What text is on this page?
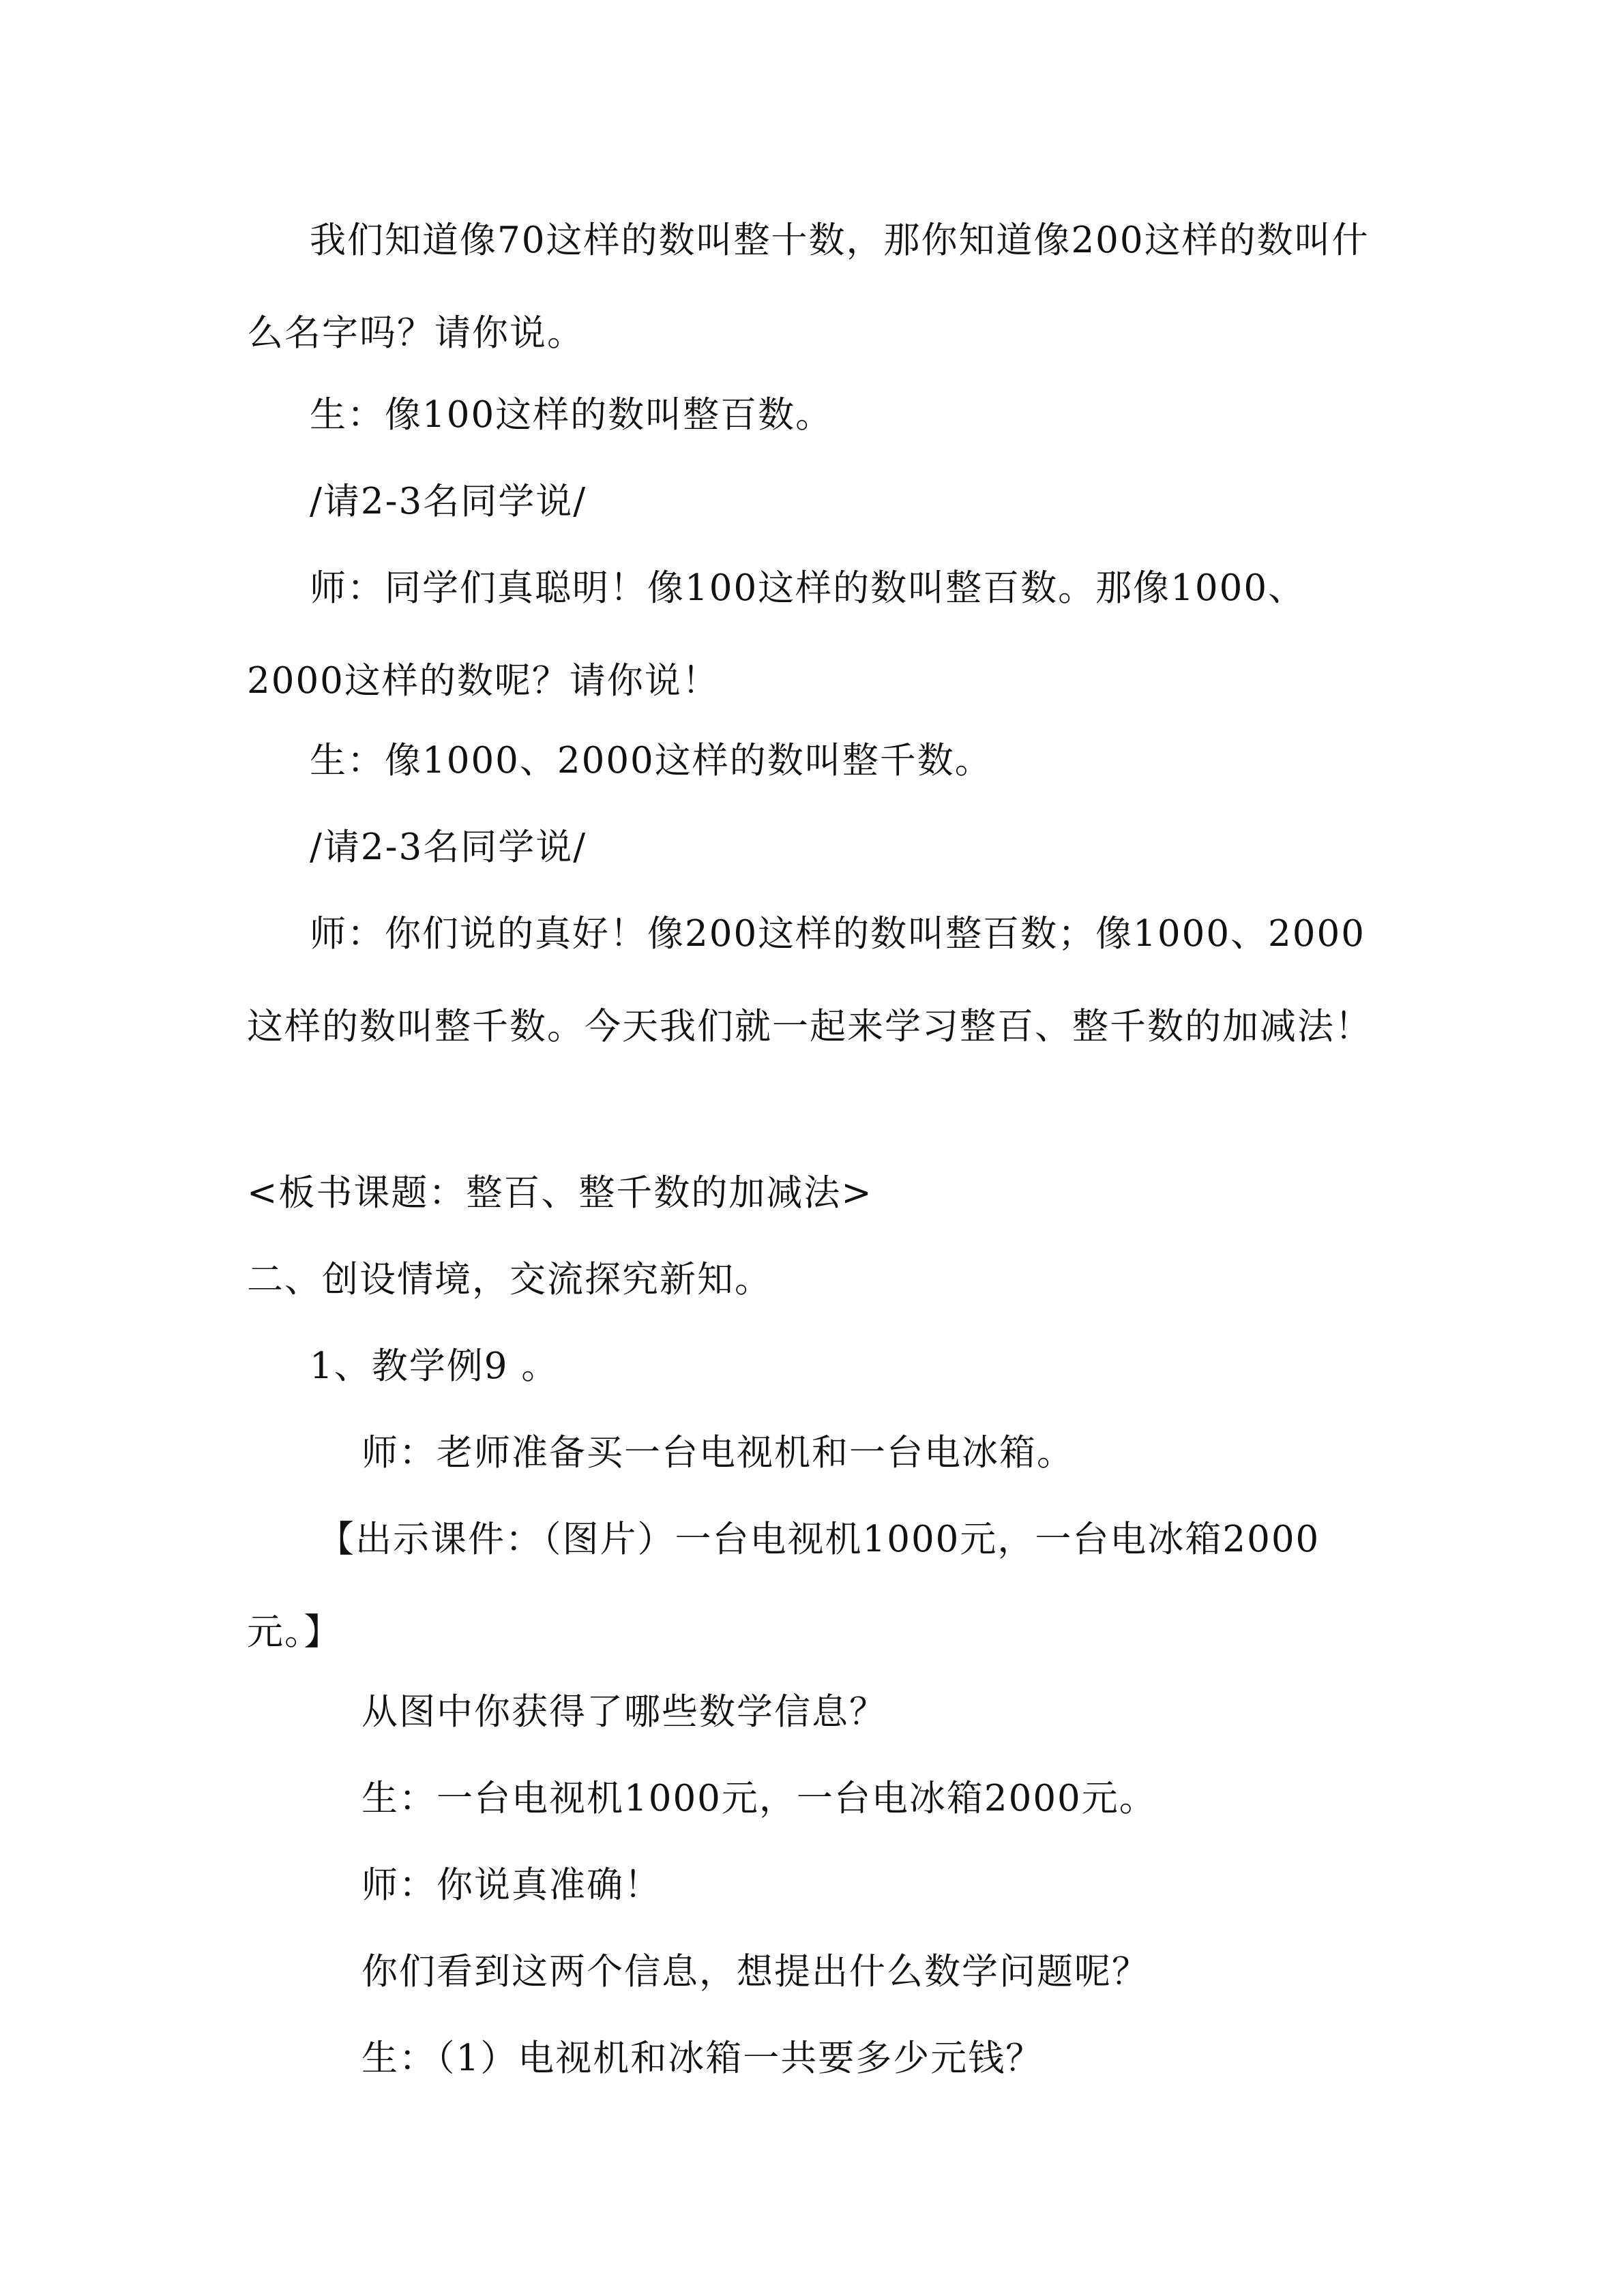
我们知道像70这样的数叫整十数，那你知道像200这样的数叫什么名字吗？请你说。

生：像100这样的数叫整百数。

/请2-3名同学说/

师：同学们真聪明！像100这样的数叫整百数。那像1000、2000这样的数呢？请你说！

生：像1000、2000这样的数叫整千数。

/请2-3名同学说/

师：你们说的真好！像200这样的数叫整百数；像1000、2000这样的数叫整千数。今天我们就一起来学习整百、整千数的加减法！

<板书课题：整百、整千数的加减法>

二、创设情境，交流探究新知。

1、教学例9 。

师：老师准备买一台电视机和一台电冰箱。

【出示课件：（图片）一台电视机1000元，一台电冰箱2000元。】

从图中你获得了哪些数学信息？

生：一台电视机1000元，一台电冰箱2000元。

师：你说真准确！

你们看到这两个信息，想提出什么数学问题呢？

生：（1）电视机和冰箱一共要多少元钱？
